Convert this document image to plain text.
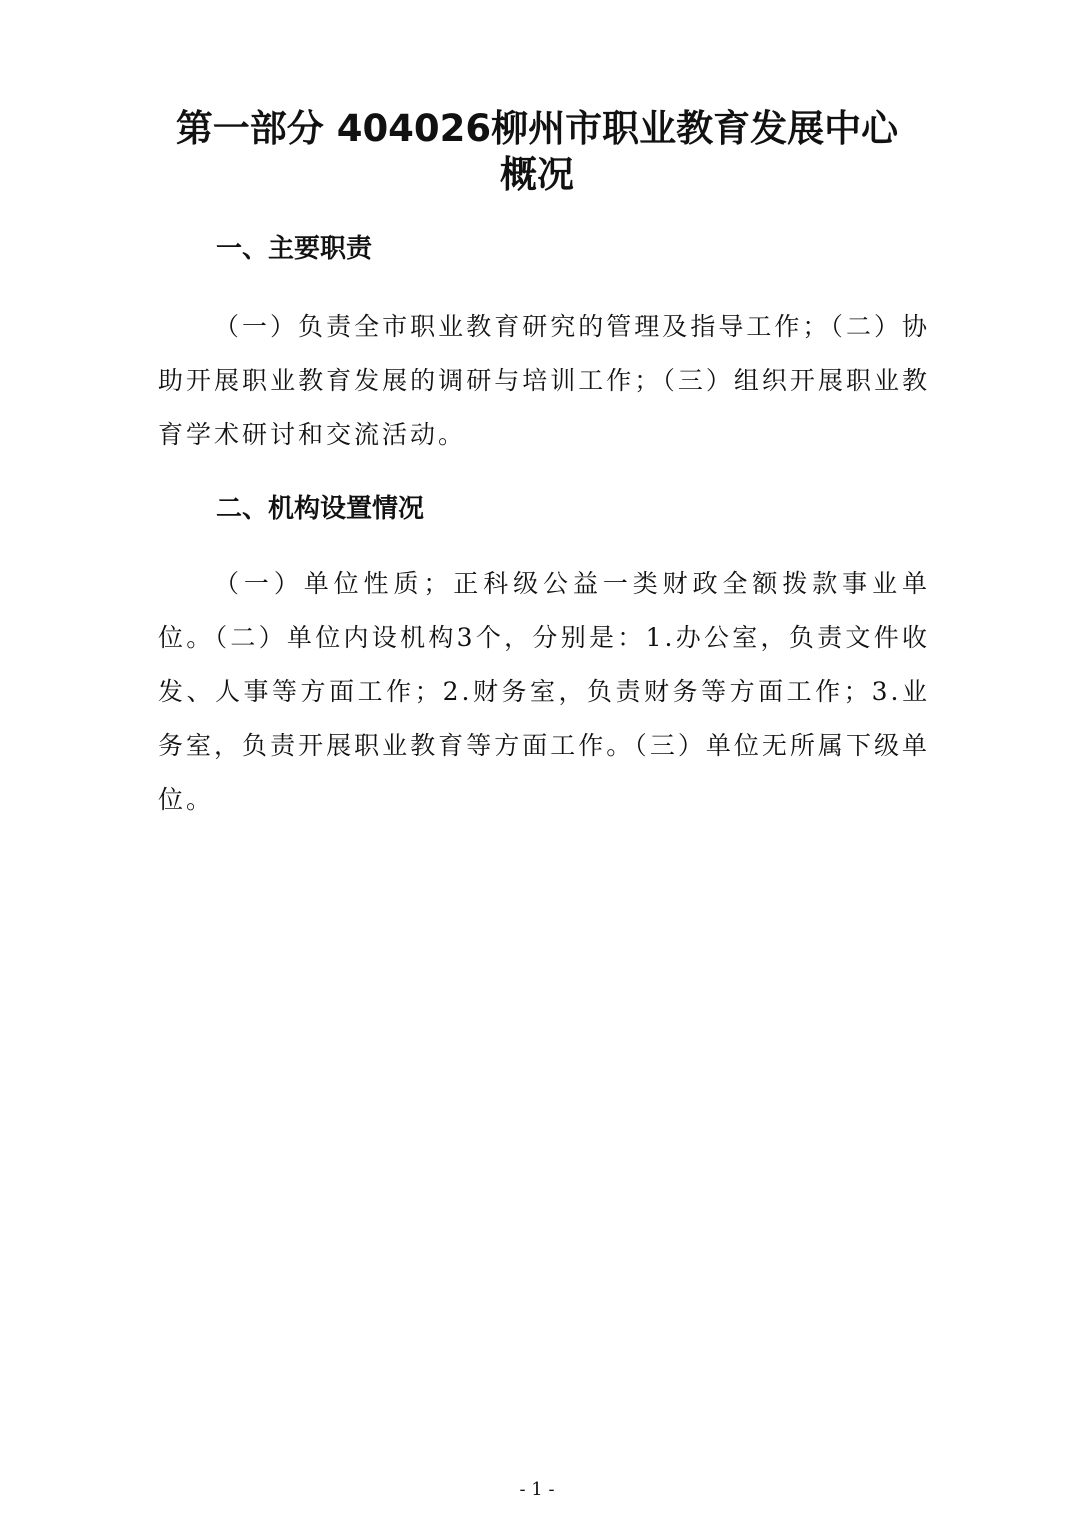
第一部分 404026柳州市职业教育发展中心
概况
一、主要职责
（一）负责全市职业教育研究的管理及指导工作；（二）协助开展职业教育发展的调研与培训工作；（三）组织开展职业教育学术研讨和交流活动。
二、机构设置情况
（一）单位性质；正科级公益一类财政全额拨款事业单位。（二）单位内设机构3个，分别是：1.办公室，负责文件收发、人事等方面工作；2.财务室，负责财务等方面工作；3.业务室，负责开展职业教育等方面工作。（三）单位无所属下级单位。
- 1 -
